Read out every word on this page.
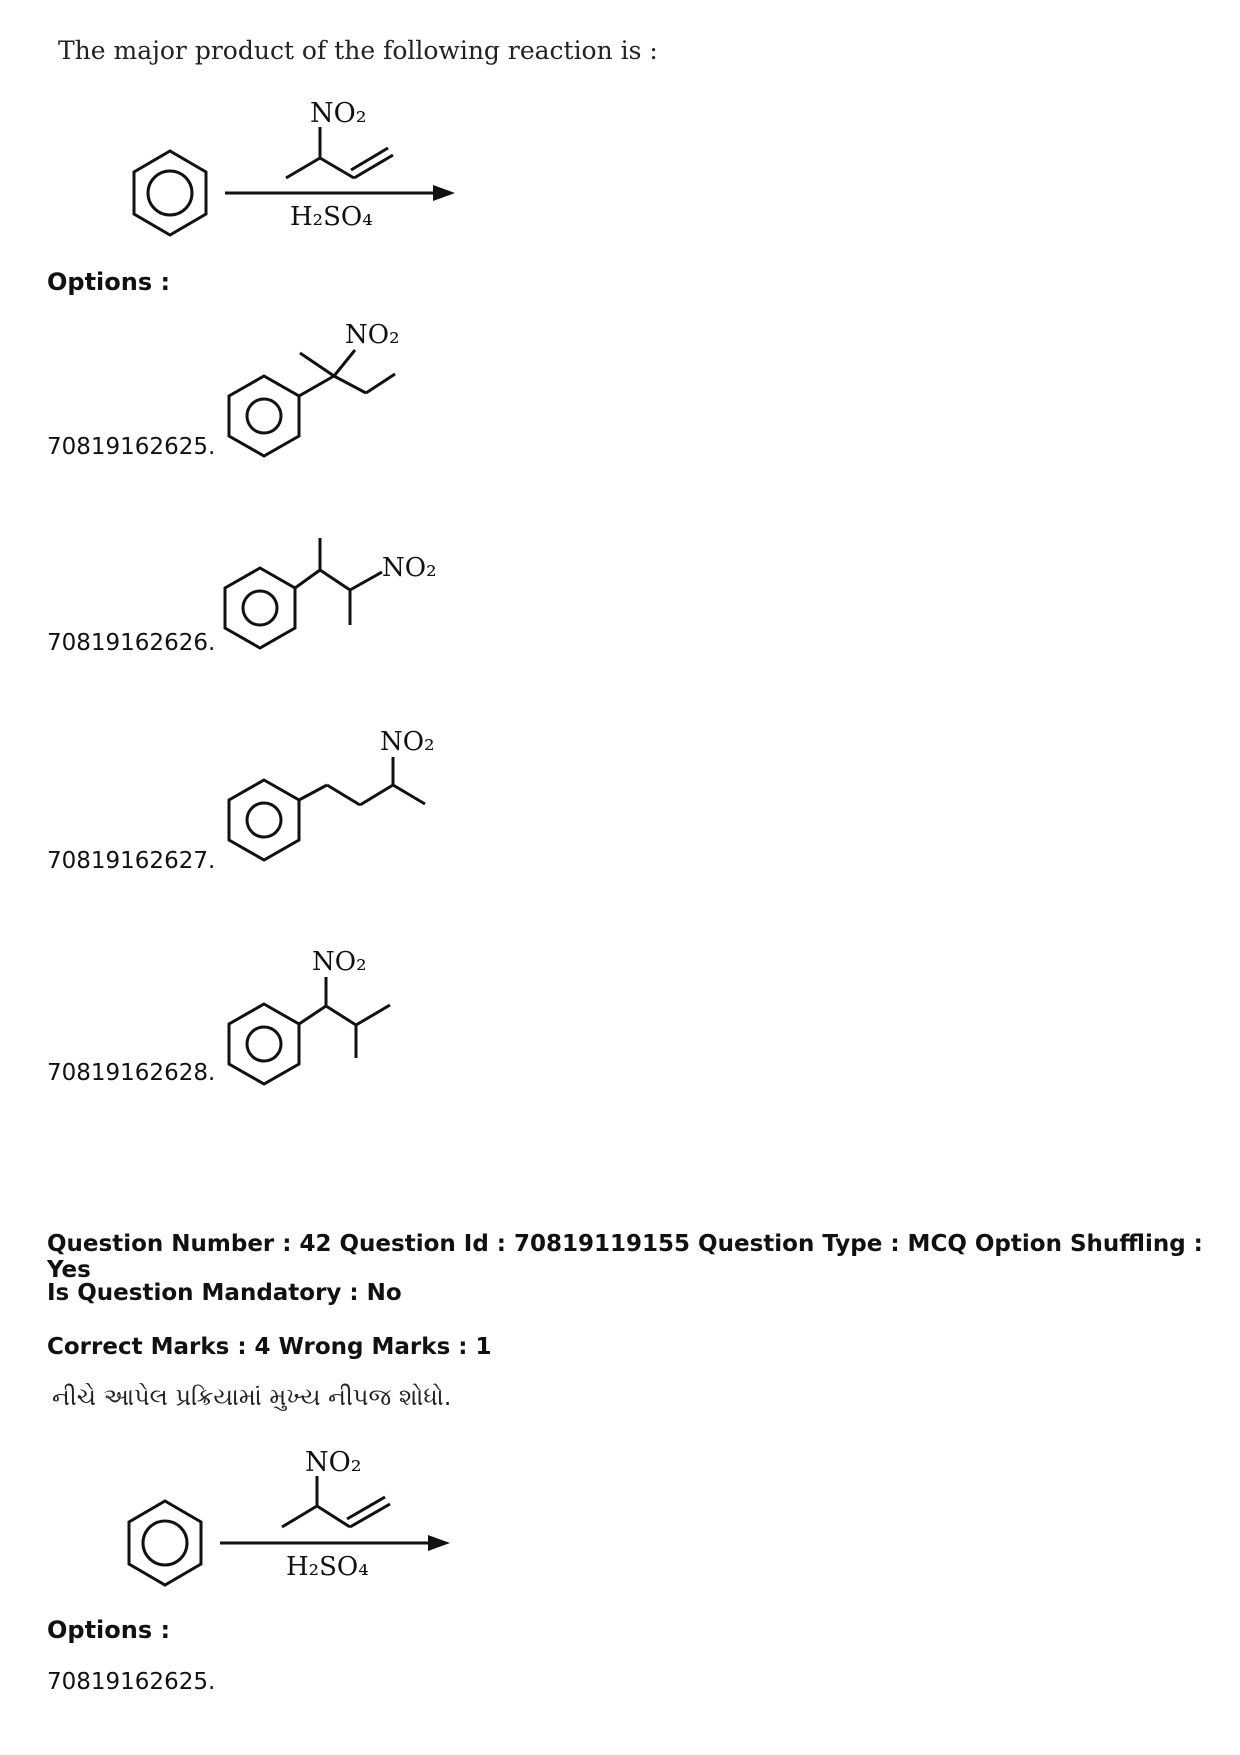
The major product of the following reaction is :
NO₂
H₂SO₄
Options :
NO₂
70819162625.
NO₂
70819162626.
NO₂
70819162627.
NO₂
70819162628.
Question Number : 42 Question Id : 70819119155 Question Type : MCQ Option Shuffling : Yes
Is Question Mandatory : No
Correct Marks : 4 Wrong Marks : 1
નીચે આપેલ પ્રક્રિયામાં મુખ્ય નીપજ શોધો.
NO₂
H₂SO₄
Options :
70819162625.
